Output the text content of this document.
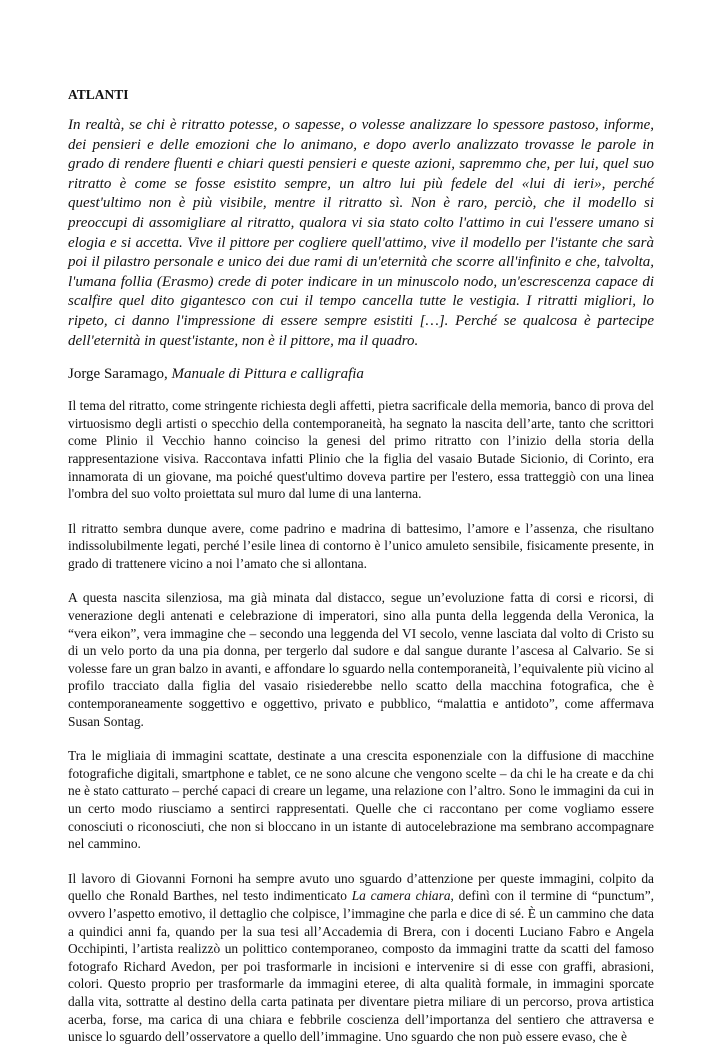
ATLANTI

In realtà, se chi è ritratto potesse, o sapesse, o volesse analizzare lo spessore pastoso, informe, dei pensieri e delle emozioni che lo animano, e dopo averlo analizzato trovasse le parole in grado di rendere fluenti e chiari questi pensieri e queste azioni, sapremmo che, per lui, quel suo ritratto è come se fosse esistito sempre, un altro lui più fedele del «lui di ieri», perché quest'ultimo non è più visibile, mentre il ritratto sì. Non è raro, perciò, che il modello si preoccupi di assomigliare al ritratto, qualora vi sia stato colto l'attimo in cui l'essere umano si elogia e si accetta. Vive il pittore per cogliere quell'attimo, vive il modello per l'istante che sarà poi il pilastro personale e unico dei due rami di un'eternità che scorre all'infinito e che, talvolta, l'umana follia (Erasmo) crede di poter indicare in un minuscolo nodo, un'escrescenza capace di scalfire quel dito gigantesco con cui il tempo cancella tutte le vestigia. I ritratti migliori, lo ripeto, ci danno l'impressione di essere sempre esistiti […]. Perché se qualcosa è partecipe dell'eternità in quest'istante, non è il pittore, ma il quadro.

Jorge Saramago, Manuale di Pittura e calligrafia

Il tema del ritratto, come stringente richiesta degli affetti, pietra sacrificale della memoria, banco di prova del virtuosismo degli artisti o specchio della contemporaneità, ha segnato la nascita dell’arte, tanto che scrittori come Plinio il Vecchio hanno coinciso la genesi del primo ritratto con l’inizio della storia della rappresentazione visiva. Raccontava infatti Plinio che la figlia del vasaio Butade Sicionio, di Corinto, era innamorata di un giovane, ma poiché quest'ultimo doveva partire per l'estero, essa tratteggiò con una linea l'ombra del suo volto proiettata sul muro dal lume di una lanterna.

Il ritratto sembra dunque avere, come padrino e madrina di battesimo, l’amore e l’assenza, che risultano indissolubilmente legati, perché l’esile linea di contorno è l’unico amuleto sensibile, fisicamente presente, in grado di trattenere vicino a noi l’amato che si allontana.

A questa nascita silenziosa, ma già minata dal distacco, segue un’evoluzione fatta di corsi e ricorsi, di venerazione degli antenati e celebrazione di imperatori, sino alla punta della leggenda della Veronica, la “vera eikon”, vera immagine che – secondo una leggenda del VI secolo, venne lasciata dal volto di Cristo su di un velo porto da una pia donna, per tergerlo dal sudore e dal sangue durante l’ascesa al Calvario. Se si volesse fare un gran balzo in avanti, e affondare lo sguardo nella contemporaneità, l’equivalente più vicino al profilo tracciato dalla figlia del vasaio risiederebbe nello scatto della macchina fotografica, che è contemporaneamente soggettivo e oggettivo, privato e pubblico, “malattia e antidoto”, come affermava Susan Sontag.

Tra le migliaia di immagini scattate, destinate a una crescita esponenziale con la diffusione di macchine fotografiche digitali, smartphone e tablet, ce ne sono alcune che vengono scelte – da chi le ha create e da chi ne è stato catturato – perché capaci di creare un legame, una relazione con l’altro. Sono le immagini da cui in un certo modo riusciamo a sentirci rappresentati. Quelle che ci raccontano per come vogliamo essere conosciuti o riconosciuti, che non si bloccano in un istante di autocelebrazione ma sembrano accompagnare nel cammino.

Il lavoro di Giovanni Fornoni ha sempre avuto uno sguardo d’attenzione per queste immagini, colpito da quello che Ronald Barthes, nel testo indimenticato La camera chiara, definì con il termine di “punctum”, ovvero l’aspetto emotivo, il dettaglio che colpisce, l’immagine che parla e dice di sé. È un cammino che data a quindici anni fa, quando per la sua tesi all’Accademia di Brera, con i docenti Luciano Fabro e Angela Occhipinti, l’artista realizzò un polittico contemporaneo, composto da immagini tratte da scatti del famoso fotografo Richard Avedon, per poi trasformarle in incisioni e intervenire si di esse con graffi, abrasioni, colori. Questo proprio per trasformarle da immagini eteree, di alta qualità formale, in immagini sporcate dalla vita, sottratte al destino della carta patinata per diventare pietra miliare di un percorso, prova artistica acerba, forse, ma carica di una chiara e febbrile coscienza dell’importanza del sentiero che attraversa e unisce lo sguardo dell’osservatore a quello dell’immagine. Uno sguardo che non può essere evaso, che è
